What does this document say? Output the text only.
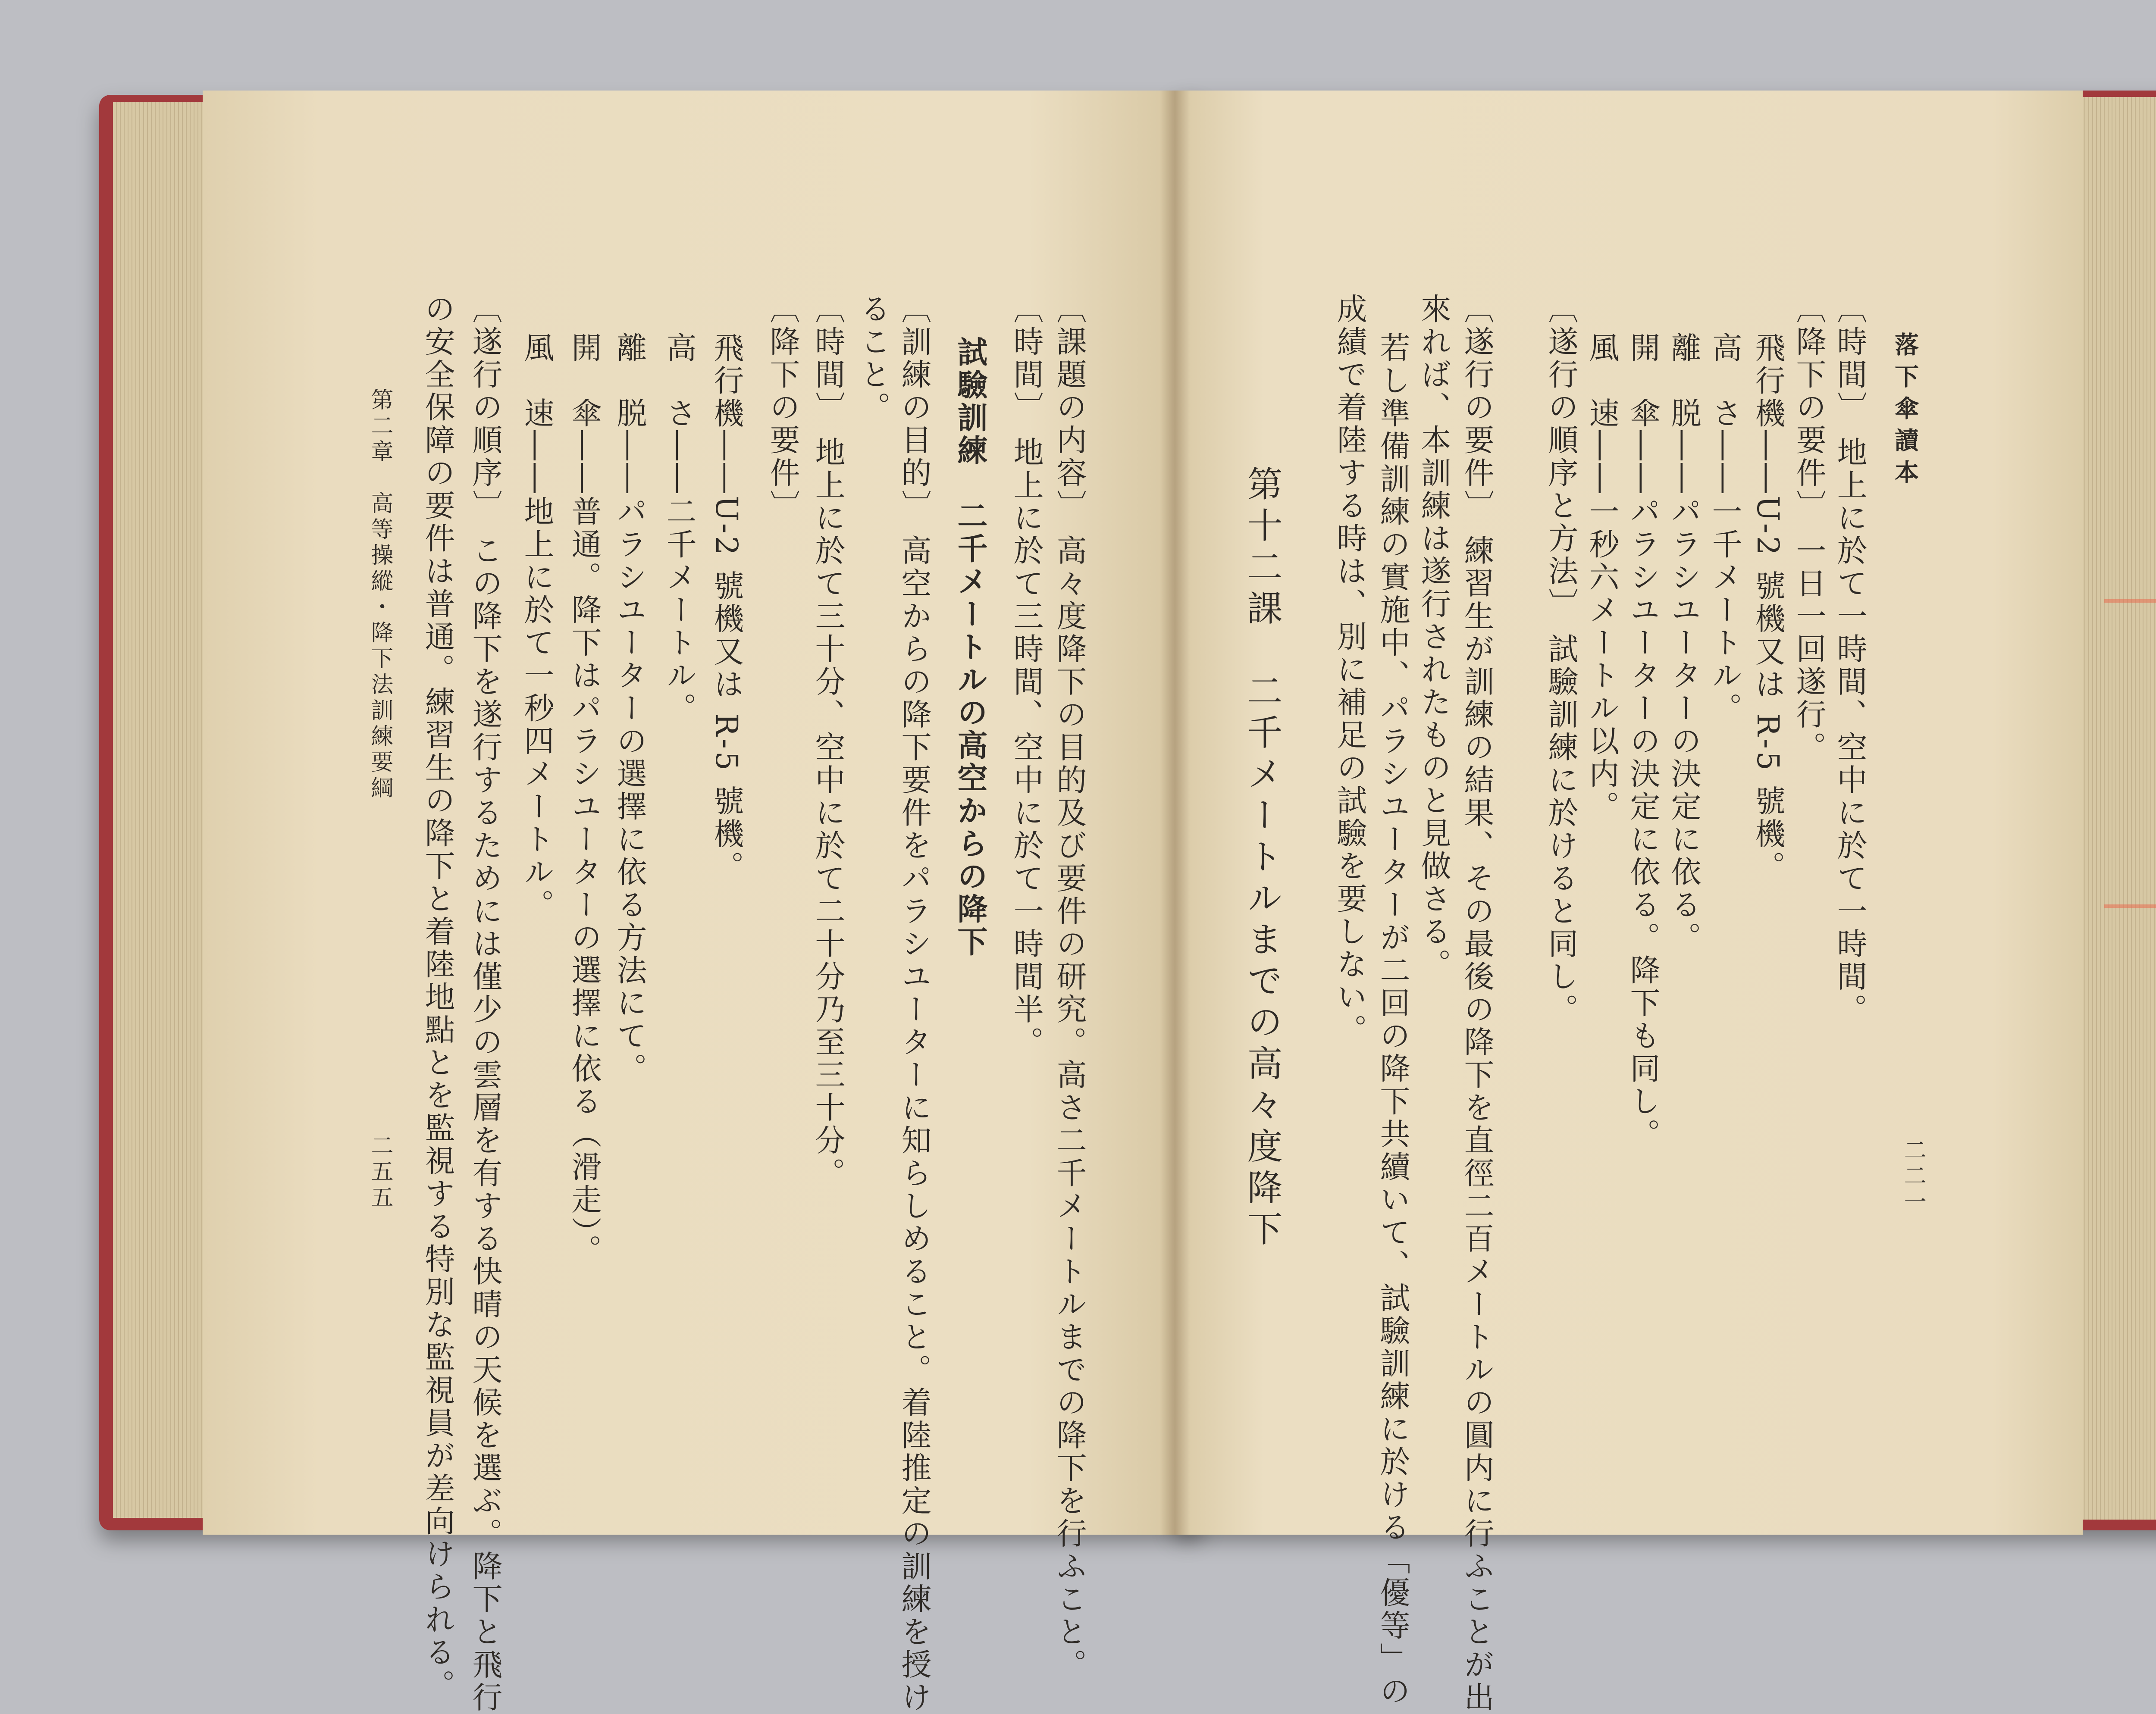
落下傘讀本
二二一
〔時間〕 地上に於て一時間、空中に於て一時間。
〔降下の要件〕 一日一回遂行。
飛行機――U-2 號機又は R-5 號機。
高　さ――一千メートル。
離　脱――パラシユーターの決定に依る。
開　傘――パラシユーターの決定に依る。降下も同し。
風　速――一秒六メートル以内。
〔遂行の順序と方法〕 試驗訓練に於けると同し。
〔遂行の要件〕 練習生が訓練の結果、その最後の降下を直徑二百メートルの圓内に行ふことが出
來れば、本訓練は遂行されたものと見做さる。
若し準備訓練の實施中、パラシユーターが二回の降下共續いて、試驗訓練に於ける「優等」の
成績で着陸する時は、別に補足の試驗を要しない。
第十二課　二千メートルまでの高々度降下
〔課題の内容〕 高々度降下の目的及び要件の研究。高さ二千メートルまでの降下を行ふこと。
〔時間〕 地上に於て三時間、空中に於て一時間半。
試驗訓練　二千メートルの高空からの降下
〔訓練の目的〕 高空からの降下要件をパラシユーターに知らしめること。着陸推定の訓練を授け
ること。
〔時間〕 地上に於て三十分、空中に於て二十分乃至三十分。
〔降下の要件〕
飛行機――U-2 號機又は R-5 號機。
高　さ――二千メートル。
離　脱――パラシユーターの選擇に依る方法にて。
開　傘――普通。降下はパラシユーターの選擇に依る（滑走）。
風　速――地上に於て一秒四メートル。
〔遂行の順序〕 この降下を遂行するためには僅少の雲層を有する快晴の天候を選ぶ。降下と飛行
の安全保障の要件は普通。練習生の降下と着陸地點とを監視する特別な監視員が差向けられる。
第二章　高等操縱・降下法訓練要綱
二五五
